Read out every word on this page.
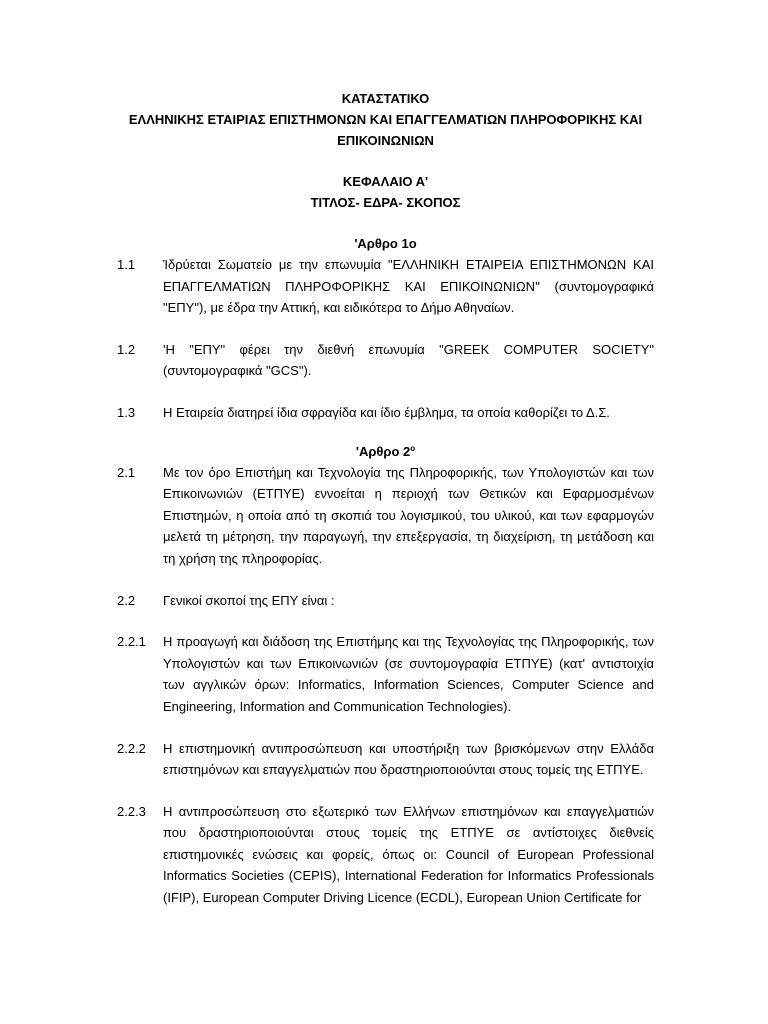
ΚΑΤΑΣΤΑΤΙΚΟ
ΕΛΛΗΝΙΚΗΣ ΕΤΑΙΡΙΑΣ ΕΠΙΣΤΗΜΟΝΩΝ ΚΑΙ ΕΠΑΓΓΕΛΜΑΤΙΩΝ ΠΛΗΡΟΦΟΡΙΚΗΣ ΚΑΙ
ΕΠΙΚΟΙΝΩΝΙΩΝ
ΚΕΦΑΛΑΙΟ Α'
ΤΙΤΛΟΣ- ΕΔΡΑ- ΣΚΟΠΟΣ
'Αρθρο 1ο
1.1	Ίδρύεται Σωματείο με την επωνυμία "ΕΛΛΗΝΙΚΗ ΕΤΑΙΡΕΙΑ ΕΠΙΣΤΗΜΟΝΩΝ ΚΑΙ ΕΠΑΓΓΕΛΜΑΤΙΩΝ ΠΛΗΡΟΦΟΡΙΚΗΣ ΚΑΙ ΕΠΙΚΟΙΝΩΝΙΩΝ'' (συντομογραφικά "ΕΠΥ"), με έδρα την Αττική, και ειδικότερα το Δήμο Αθηναίων.
1.2	'Η "ΕΠΥ" φέρει την διεθνή επωνυμία "GREEK COMPUTER SOCIETY" (συντομογραφικά "GCS").
1.3	Η Εταιρεία διατηρεί ίδια σφραγίδα και ίδιο έμβλημα, τα οποία καθορίζει το Δ.Σ.
'Αρθρο $2^o$
2.1	Με τον όρο Επιστήμη και Τεχνολογία της Πληροφορικής, των Υπολογιστών και των Επικοινωνιών (ΕΤΠΥΕ) εννοείται η περιοχή των Θετικών και Εφαρμοσμένων Επιστημών, η οποία από τη σκοπιά του λογισμικού, του υλικού, και των εφαρμογών μελετά τη μέτρηση, την παραγωγή, την επεξεργασία, τη διαχείριση, τη μετάδοση και τη χρήση της πληροφορίας.
2.2	Γενικοί σκοποί της ΕΠΥ είναι :
2.2.1	Η προαγωγή και διάδοση της Επιστήμης και της Τεχνολογίας της Πληροφορικής, των Υπολογιστών και των Επικοινωνιών (σε συντομογραφία ΕΤΠΥΕ) (κατ' αντιστοιχία των αγγλικών όρων: Informatics, Information Sciences, Computer Science and Engineering, Information and Communication Technologies).
2.2.2	Η επιστημονική αντιπροσώπευση και υποστήριξη των βρισκόμενων στην Ελλάδα επιστημόνων και επαγγελματιών που δραστηριοποιούνται στους τομείς της ΕΤΠΥΕ.
2.2.3	Η αντιπροσώπευση στο εξωτερικό των Ελλήνων επιστημόνων και επαγγελματιών που δραστηριοποιούνται στους τομείς της ΕΤΠΥΕ σε αντίστοιχες διεθνείς επιστημονικές ενώσεις και φορείς, όπως οι: Council of European Professional Informatics Societies (CEPIS), International Federation for Informatics Professionals (IFIP), European Computer Driving Licence (ECDL), European Union Certificate for
